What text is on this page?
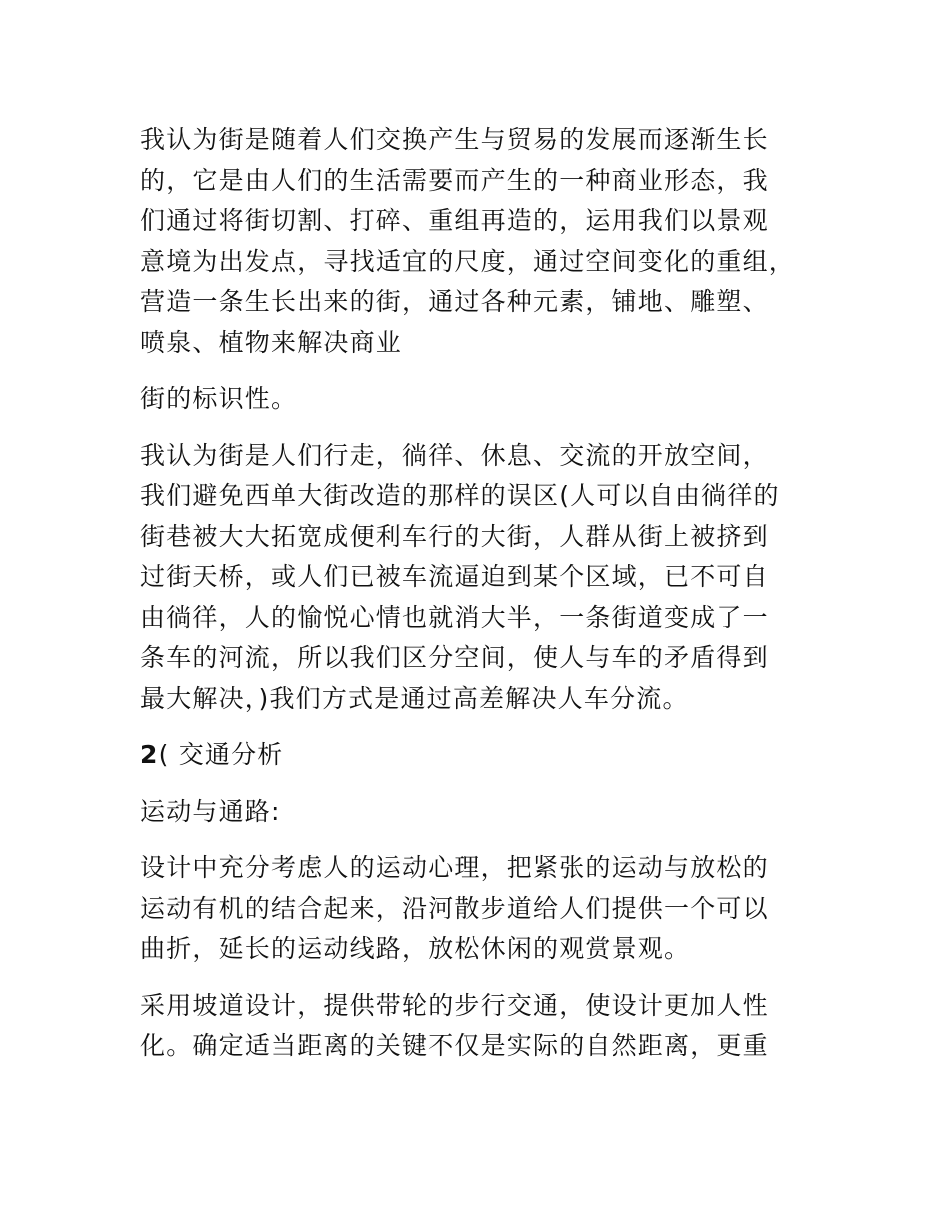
我认为街是随着人们交换产生与贸易的发展而逐渐生长
的，它是由人们的生活需要而产生的一种商业形态，我
们通过将街切割、打碎、重组再造的，运用我们以景观
意境为出发点，寻找适宜的尺度，通过空间变化的重组，
营造一条生长出来的街，通过各种元素，铺地、雕塑、
喷泉、植物来解决商业

街的标识性。

我认为街是人们行走，徜徉、休息、交流的开放空间，
我们避免西单大街改造的那样的误区(人可以自由徜徉的
街巷被大大拓宽成便利车行的大街，人群从街上被挤到
过街天桥，或人们已被车流逼迫到某个区域，已不可自
由徜徉，人的愉悦心情也就消大半，一条街道变成了一
条车的河流，所以我们区分空间，使人与车的矛盾得到
最大解决，)我们方式是通过高差解决人车分流。

2( 交通分析

运动与通路:

设计中充分考虑人的运动心理，把紧张的运动与放松的
运动有机的结合起来，沿河散步道给人们提供一个可以
曲折，延长的运动线路，放松休闲的观赏景观。

采用坡道设计，提供带轮的步行交通，使设计更加人性
化。确定适当距离的关键不仅是实际的自然距离，更重
